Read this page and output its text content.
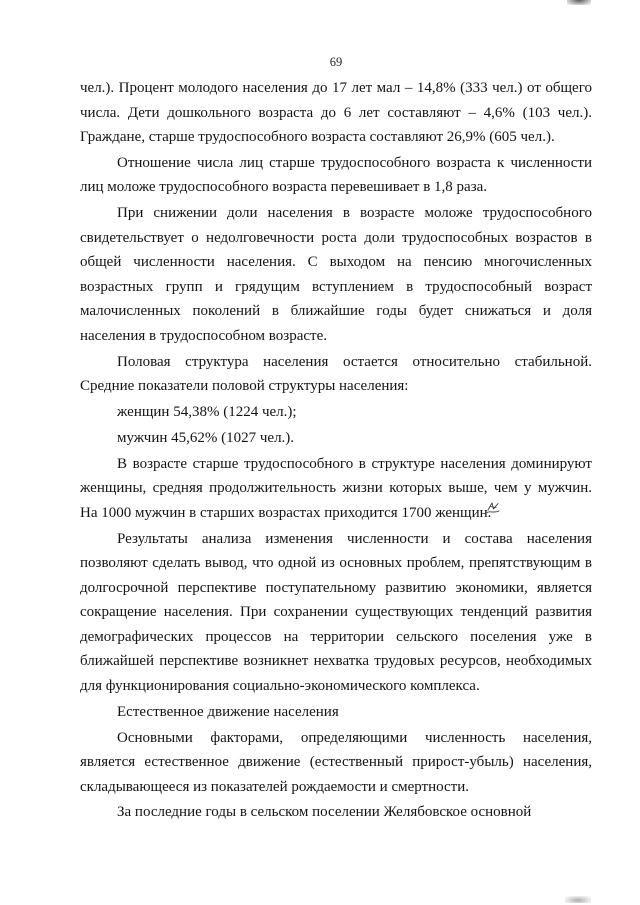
69

чел.). Процент молодого населения до 17 лет мал – 14,8% (333 чел.) от общего числа. Дети дошкольного возраста до 6 лет составляют – 4,6% (103 чел.). Граждане, старше трудоспособного возраста составляют 26,9% (605 чел.).

Отношение числа лиц старше трудоспособного возраста к численности лиц моложе трудоспособного возраста перевешивает в 1,8 раза.

При снижении доли населения в возрасте моложе трудоспособного свидетельствует о недолговечности роста доли трудоспособных возрастов в общей численности населения. С выходом на пенсию многочисленных возрастных групп и грядущим вступлением в трудоспособный возраст малочисленных поколений в ближайшие годы будет снижаться и доля населения в трудоспособном возрасте.

Половая структура населения остается относительно стабильной. Средние показатели половой структуры населения:

женщин 54,38% (1224 чел.);

мужчин 45,62% (1027 чел.).

В возрасте старше трудоспособного в структуре населения доминируют женщины, средняя продолжительность жизни которых выше, чем у мужчин. На 1000 мужчин в старших возрастах приходится 1700 женщин.

Результаты анализа изменения численности и состава населения позволяют сделать вывод, что одной из основных проблем, препятствующим в долгосрочной перспективе поступательному развитию экономики, является сокращение населения. При сохранении существующих тенденций развития демографических процессов на территории сельского поселения уже в ближайшей перспективе возникнет нехватка трудовых ресурсов, необходимых для функционирования социально-экономического комплекса.

Естественное движение населения

Основными факторами, определяющими численность населения, является естественное движение (естественный прирост-убыль) населения, складывающееся из показателей рождаемости и смертности.

За последние годы в сельском поселении Желябовское основной
